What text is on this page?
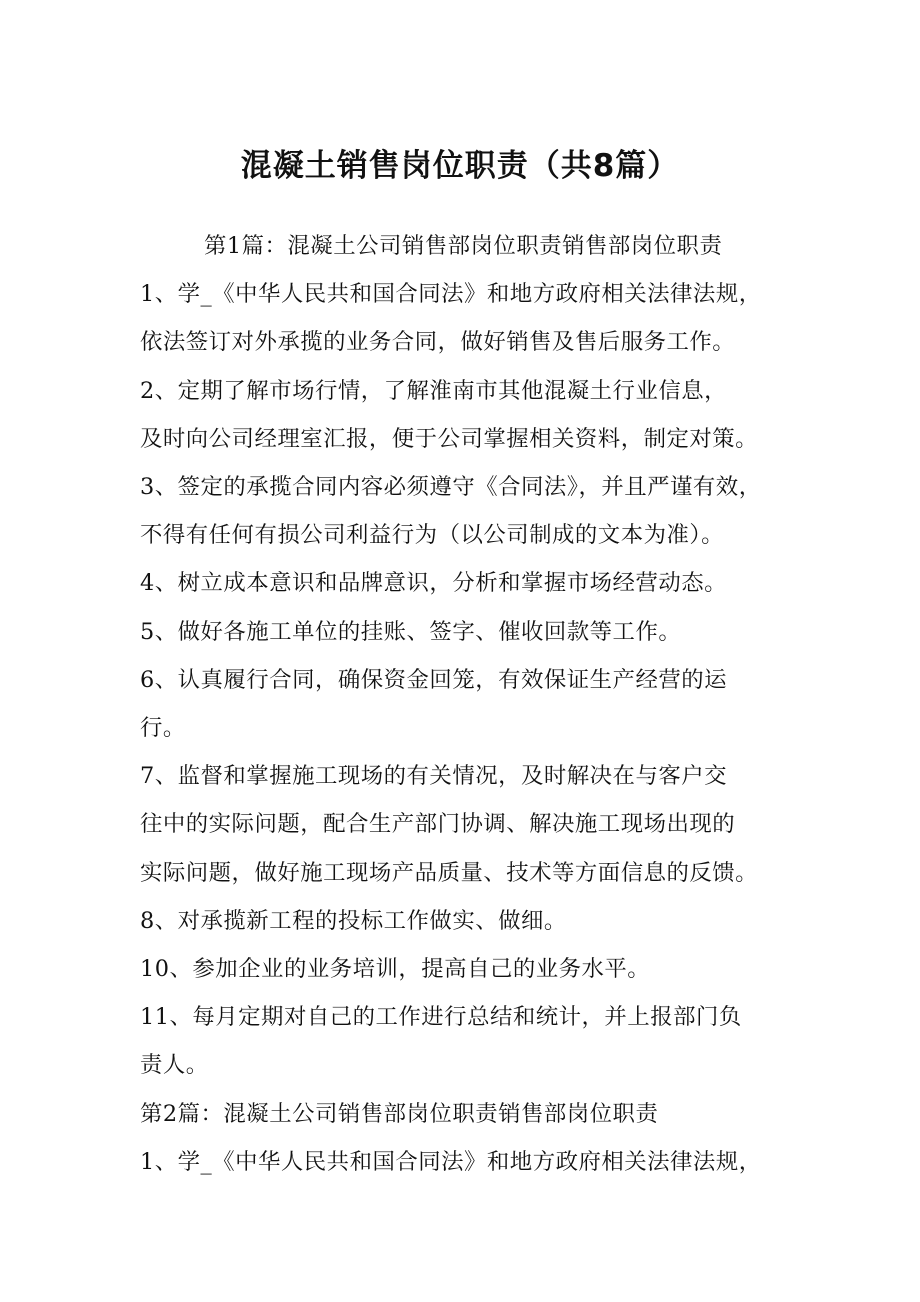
混凝土销售岗位职责（共8篇）

第1篇：混凝土公司销售部岗位职责销售部岗位职责

1、学_《中华人民共和国合同法》和地方政府相关法律法规，

依法签订对外承揽的业务合同，做好销售及售后服务工作。

2、定期了解市场行情，了解淮南市其他混凝土行业信息，

及时向公司经理室汇报，便于公司掌握相关资料，制定对策。

3、签定的承揽合同内容必须遵守《合同法》，并且严谨有效，

不得有任何有损公司利益行为（以公司制成的文本为准）。

4、树立成本意识和品牌意识，分析和掌握市场经营动态。

5、做好各施工单位的挂账、签字、催收回款等工作。

6、认真履行合同，确保资金回笼，有效保证生产经营的运

行。

7、监督和掌握施工现场的有关情况，及时解决在与客户交

往中的实际问题，配合生产部门协调、解决施工现场出现的

实际问题，做好施工现场产品质量、技术等方面信息的反馈。

8、对承揽新工程的投标工作做实、做细。

10、参加企业的业务培训，提高自己的业务水平。

11、每月定期对自己的工作进行总结和统计，并上报部门负

责人。

第2篇：混凝土公司销售部岗位职责销售部岗位职责

1、学_《中华人民共和国合同法》和地方政府相关法律法规，
